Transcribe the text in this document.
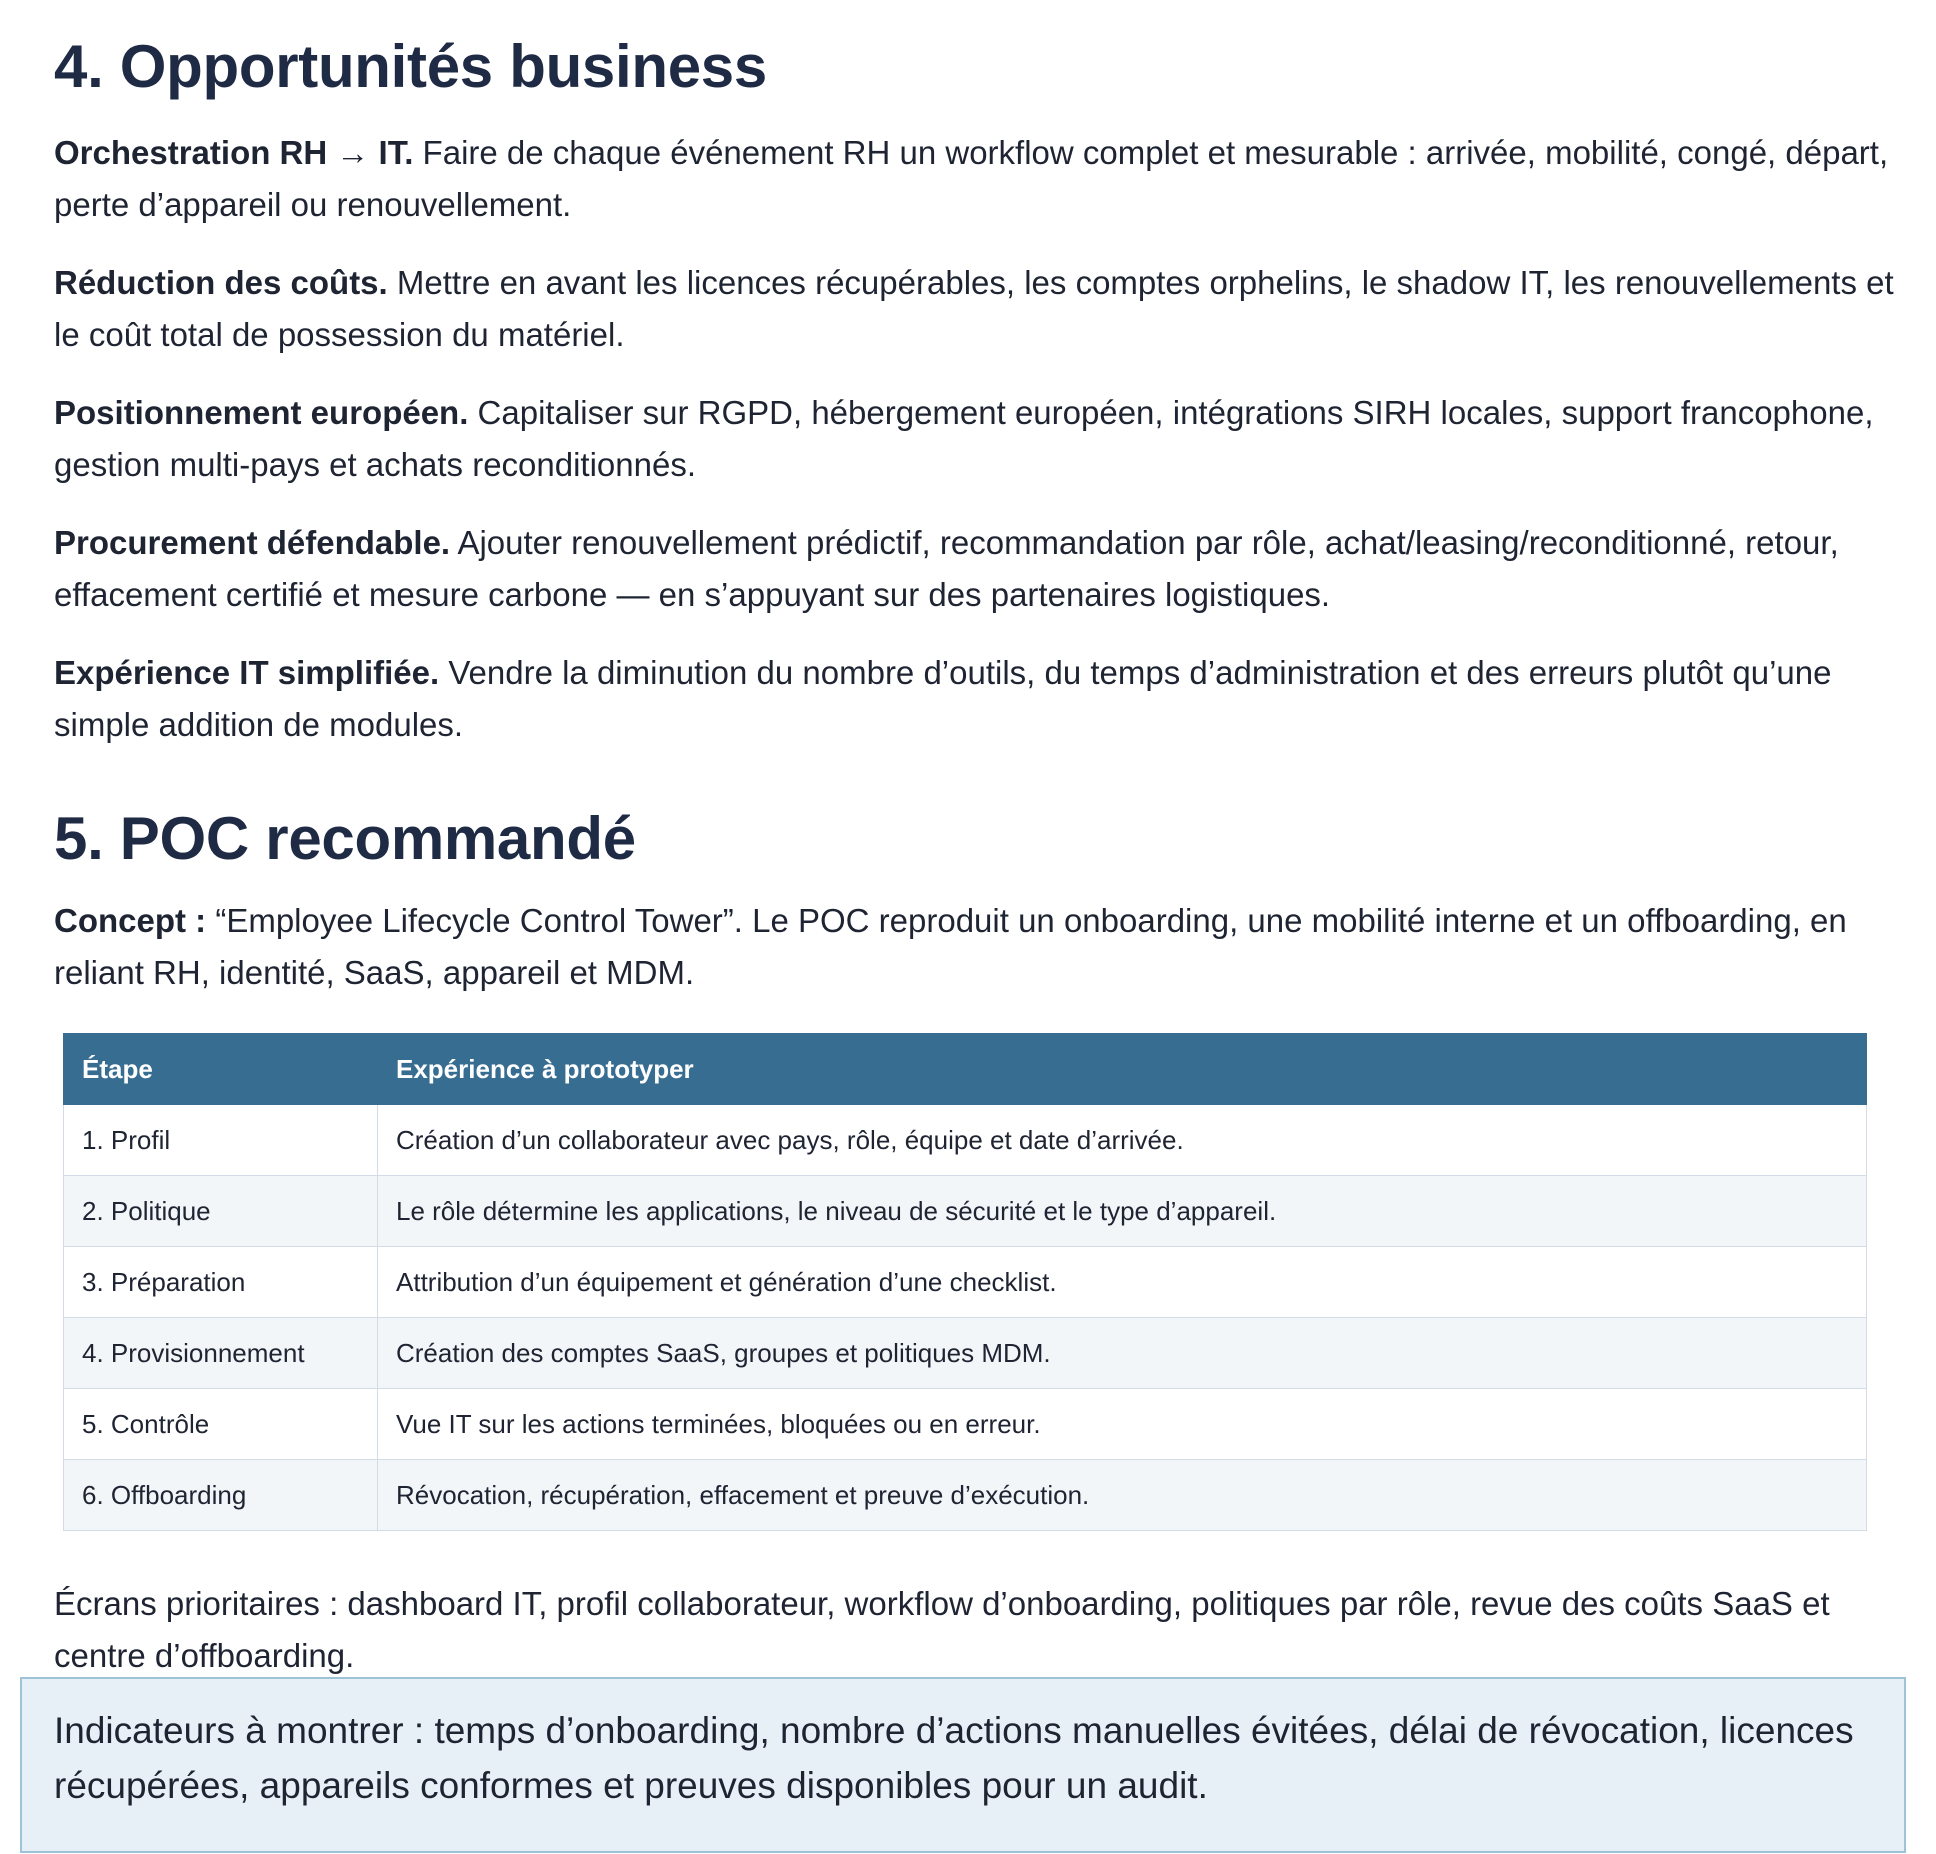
4. Opportunités business

Orchestration RH → IT. Faire de chaque événement RH un workflow complet et mesurable : arrivée, mobilité, congé, départ, perte d’appareil ou renouvellement.

Réduction des coûts. Mettre en avant les licences récupérables, les comptes orphelins, le shadow IT, les renouvellements et le coût total de possession du matériel.

Positionnement européen. Capitaliser sur RGPD, hébergement européen, intégrations SIRH locales, support francophone, gestion multi-pays et achats reconditionnés.

Procurement défendable. Ajouter renouvellement prédictif, recommandation par rôle, achat/leasing/reconditionné, retour, effacement certifié et mesure carbone — en s’appuyant sur des partenaires logistiques.

Expérience IT simplifiée. Vendre la diminution du nombre d’outils, du temps d’administration et des erreurs plutôt qu’une simple addition de modules.

5. POC recommandé

Concept : “Employee Lifecycle Control Tower”. Le POC reproduit un onboarding, une mobilité interne et un offboarding, en reliant RH, identité, SaaS, appareil et MDM.

Étape	Expérience à prototyper
1. Profil	Création d’un collaborateur avec pays, rôle, équipe et date d’arrivée.
2. Politique	Le rôle détermine les applications, le niveau de sécurité et le type d’appareil.
3. Préparation	Attribution d’un équipement et génération d’une checklist.
4. Provisionnement	Création des comptes SaaS, groupes et politiques MDM.
5. Contrôle	Vue IT sur les actions terminées, bloquées ou en erreur.
6. Offboarding	Révocation, récupération, effacement et preuve d’exécution.

Écrans prioritaires : dashboard IT, profil collaborateur, workflow d’onboarding, politiques par rôle, revue des coûts SaaS et centre d’offboarding.

Indicateurs à montrer : temps d’onboarding, nombre d’actions manuelles évitées, délai de révocation, licences récupérées, appareils conformes et preuves disponibles pour un audit.
